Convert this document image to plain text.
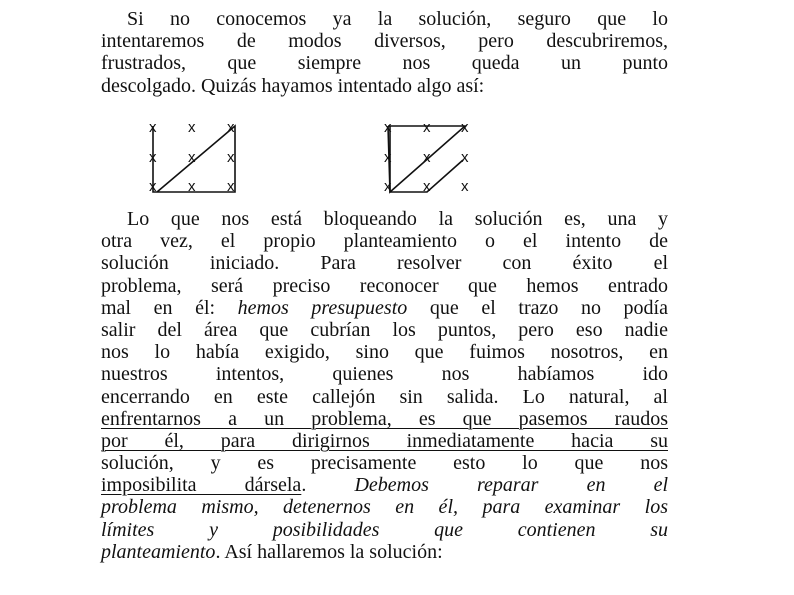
Si no conocemos ya la solución, seguro que lo
intentaremos de modos diversos, pero descubriremos,
frustrados, que siempre nos queda un punto
descolgado. Quizás hayamos intentado algo así:
x x x
x x x
x x x
x x x
x x x
x x x
Lo que nos está bloqueando la solución es, una y
otra vez, el propio planteamiento o el intento de
solución iniciado. Para resolver con éxito el
problema, será preciso reconocer que hemos entrado
mal en él: hemos presupuesto que el trazo no podía
salir del área que cubrían los puntos, pero eso nadie
nos lo había exigido, sino que fuimos nosotros, en
nuestros intentos, quienes nos habíamos ido
encerrando en este callejón sin salida. Lo natural, al
enfrentarnos a un problema, es que pasemos raudos
por él, para dirigirnos inmediatamente hacia su
solución, y es precisamente esto lo que nos
imposibilita dársela. Debemos reparar en el
problema mismo, detenernos en él, para examinar los
límites y posibilidades que contienen su
planteamiento. Así hallaremos la solución:
